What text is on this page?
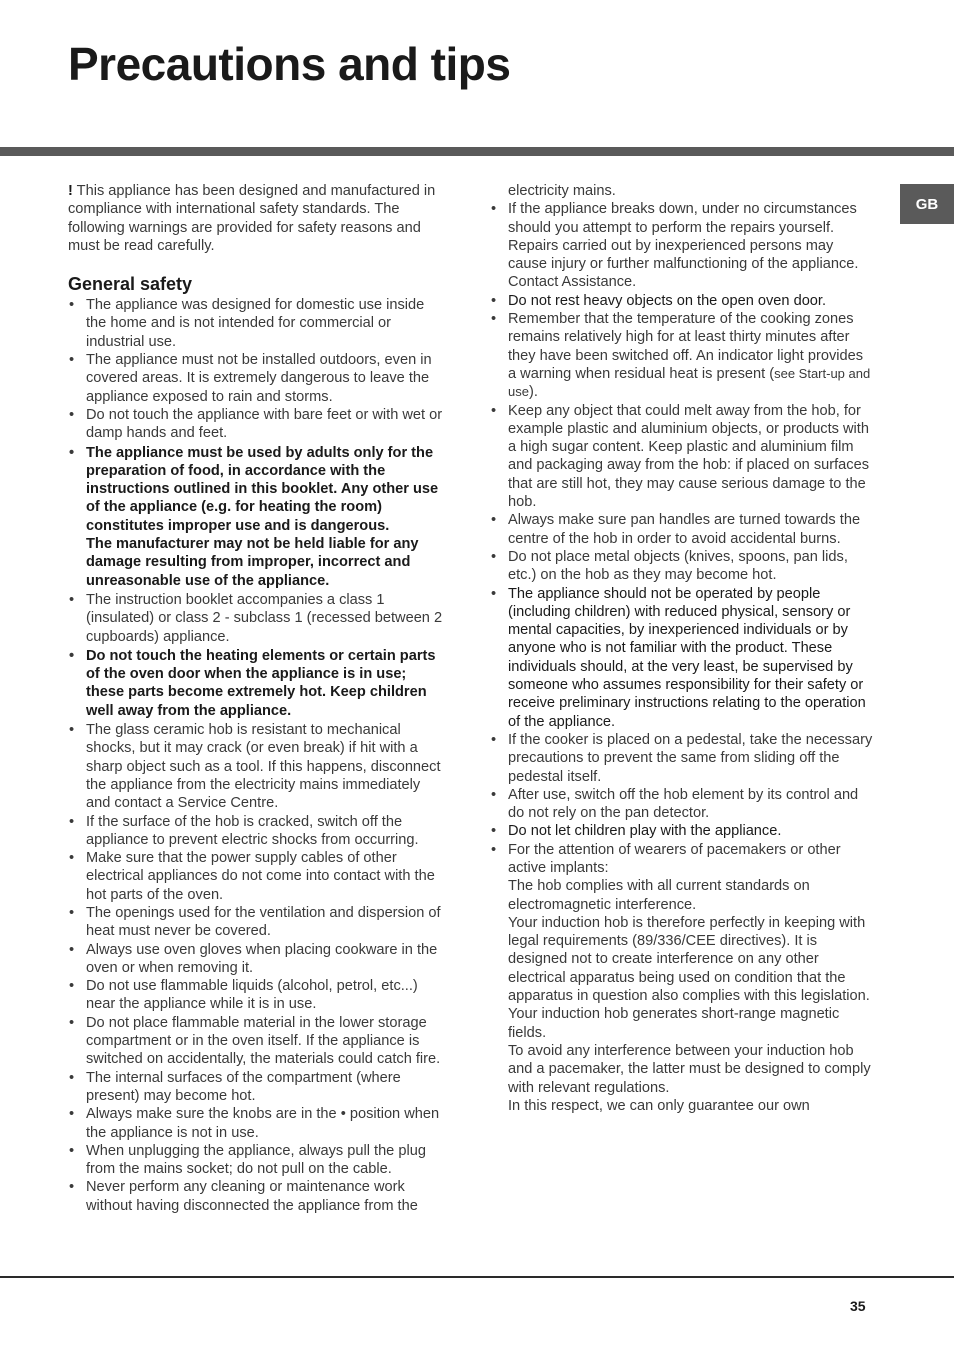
Precautions and tips
GB

! This appliance has been designed and manufactured in compliance with international safety standards. The following warnings are provided for safety reasons and must be read carefully.

General safety
• The appliance was designed for domestic use inside the home and is not intended for commercial or industrial use.
• The appliance must not be installed outdoors, even in covered areas. It is extremely dangerous to leave the appliance exposed to rain and storms.
• Do not touch the appliance with bare feet or with wet or damp hands and feet.
• The appliance must be used by adults only for the preparation of food, in accordance with the instructions outlined in this booklet. Any other use of the appliance (e.g. for heating the room) constitutes improper use and is dangerous.
The manufacturer may not be held liable for any damage resulting from improper, incorrect and unreasonable use of the appliance.
• The instruction booklet accompanies a class 1 (insulated) or class 2 - subclass 1 (recessed between 2 cupboards) appliance.
• Do not touch the heating elements or certain parts of the oven door when the appliance is in use; these parts become extremely hot. Keep children well away from the appliance.
• The glass ceramic hob is resistant to mechanical shocks, but it may crack (or even break) if hit with a sharp object such as a tool. If this happens, disconnect the appliance from the electricity mains immediately and contact a Service Centre.
• If the surface of the hob is cracked, switch off the appliance to prevent electric shocks from occurring.
• Make sure that the power supply cables of other electrical appliances do not come into contact with the hot parts of the oven.
• The openings used for the ventilation and dispersion of heat must never be covered.
• Always use oven gloves when placing cookware in the oven or when removing it.
• Do not use flammable liquids (alcohol, petrol, etc...) near the appliance while it is in use.
• Do not place flammable material in the lower storage compartment or in the oven itself. If the appliance is switched on accidentally, the materials could catch fire.
• The internal surfaces of the compartment (where present) may become hot.
• Always make sure the knobs are in the • position when the appliance is not in use.
• When unplugging the appliance, always pull the plug from the mains socket; do not pull on the cable.
• Never perform any cleaning or maintenance work without having disconnected the appliance from the

electricity mains.

• If the appliance breaks down, under no circumstances should you attempt to perform the repairs yourself. Repairs carried out by inexperienced persons may cause injury or further malfunctioning of the appliance. Contact Assistance.
• Do not rest heavy objects on the open oven door.
• Remember that the temperature of the cooking zones remains relatively high for at least thirty minutes after they have been switched off. An indicator light provides a warning when residual heat is present (see Start-up and use).
• Keep any object that could melt away from the hob, for example plastic and aluminium objects, or products with a high sugar content. Keep plastic and aluminium film and packaging away from the hob: if placed on surfaces that are still hot, they may cause serious damage to the hob.
• Always make sure pan handles are turned towards the centre of the hob in order to avoid accidental burns.
• Do not place metal objects (knives, spoons, pan lids, etc.) on the hob as they may become hot.
• The appliance should not be operated by people (including children) with reduced physical, sensory or mental capacities, by inexperienced individuals or by anyone who is not familiar with the product. These individuals should, at the very least, be supervised by someone who assumes responsibility for their safety or receive preliminary instructions relating to the operation of the appliance.
• If the cooker is placed on a pedestal, take the necessary precautions to prevent the same from sliding off the pedestal itself.
• After use, switch off the hob element by its control and do not rely on the pan detector.
• Do not let children play with the appliance.
• For the attention of wearers of pacemakers or other active implants:
The hob complies with all current standards on electromagnetic interference.
Your induction hob is therefore perfectly in keeping with legal requirements (89/336/CEE directives). It is designed not to create interference on any other electrical apparatus being used on condition that the apparatus in question also complies with this legislation.
Your induction hob generates short-range magnetic fields.
To avoid any interference between your induction hob and a pacemaker, the latter must be designed to comply with relevant regulations.
In this respect, we can only guarantee our own
35
